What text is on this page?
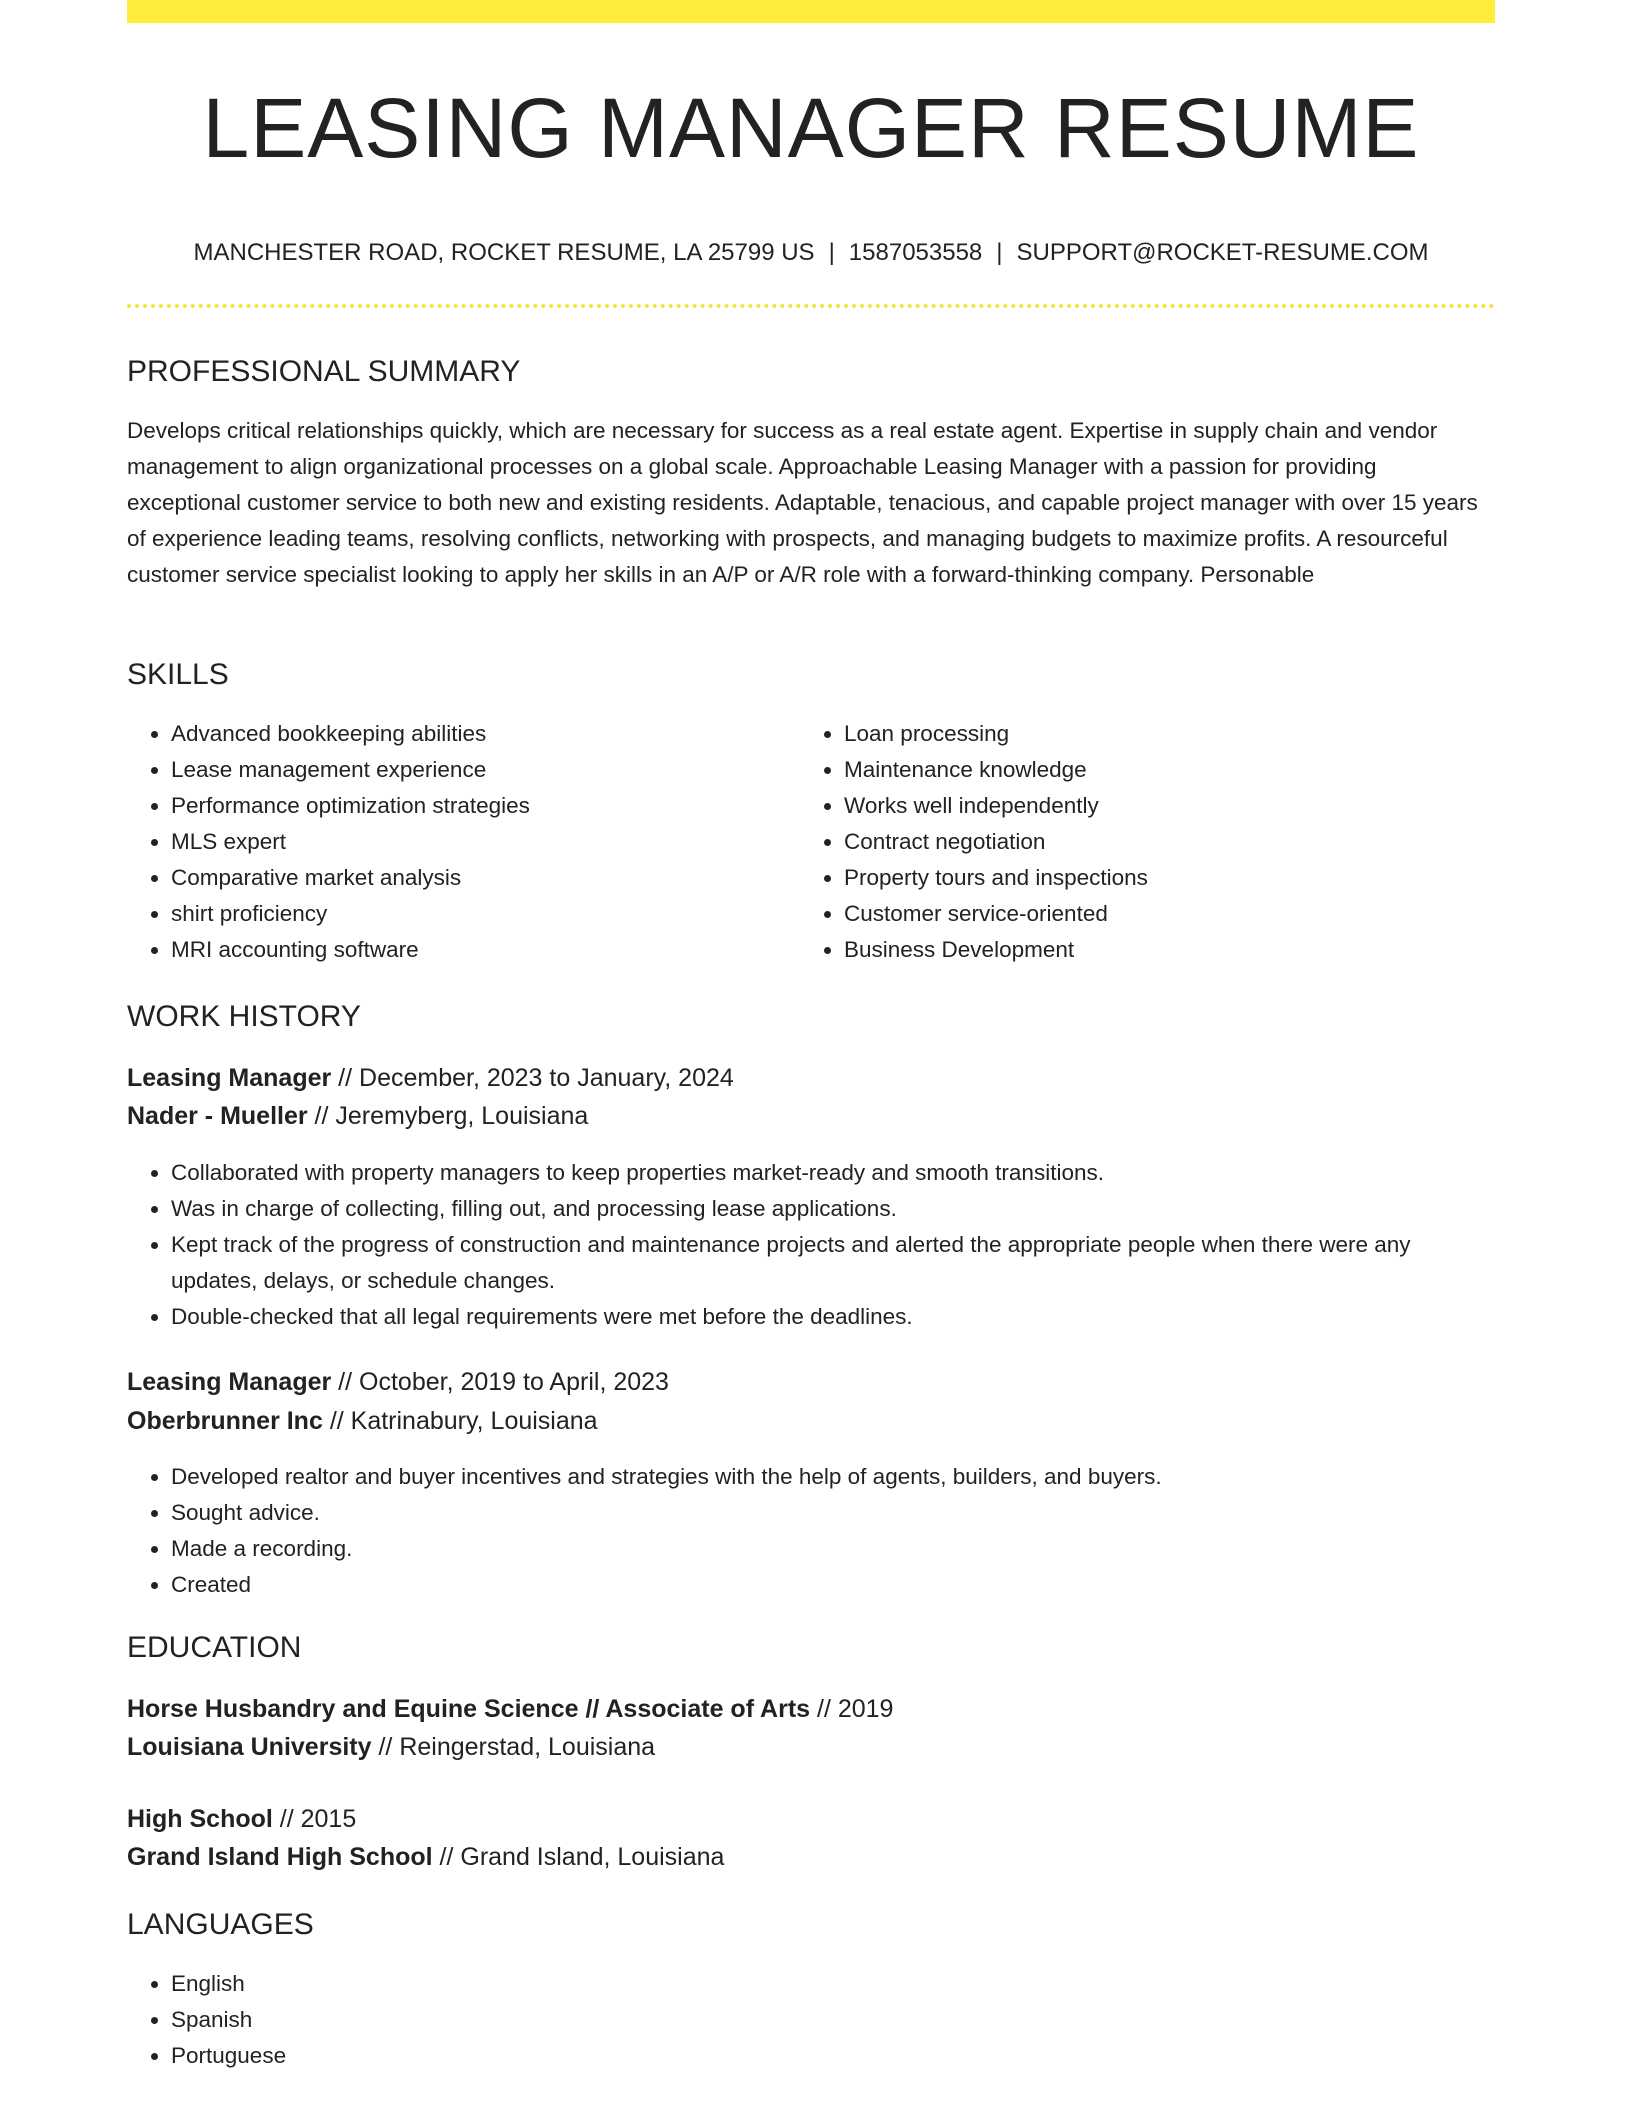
LEASING MANAGER RESUME
MANCHESTER ROAD, ROCKET RESUME, LA 25799 US | 1587053558 | SUPPORT@ROCKET-RESUME.COM
PROFESSIONAL SUMMARY

Develops critical relationships quickly, which are necessary for success as a real estate agent. Expertise in supply chain and vendor management to align organizational processes on a global scale. Approachable Leasing Manager with a passion for providing exceptional customer service to both new and existing residents. Adaptable, tenacious, and capable project manager with over 15 years of experience leading teams, resolving conflicts, networking with prospects, and managing budgets to maximize profits. A resourceful customer service specialist looking to apply her skills in an A/P or A/R role with a forward-thinking company. Personable

SKILLS
• Advanced bookkeeping abilities
• Lease management experience
• Performance optimization strategies
• MLS expert
• Comparative market analysis
• shirt proficiency
• MRI accounting software
• Loan processing
• Maintenance knowledge
• Works well independently
• Contract negotiation
• Property tours and inspections
• Customer service-oriented
• Business Development
WORK HISTORY
Leasing Manager // December, 2023 to January, 2024
Nader - Mueller // Jeremyberg, Louisiana
• Collaborated with property managers to keep properties market-ready and smooth transitions.
• Was in charge of collecting, filling out, and processing lease applications.
• Kept track of the progress of construction and maintenance projects and alerted the appropriate people when there were any updates, delays, or schedule changes.
• Double-checked that all legal requirements were met before the deadlines.
Leasing Manager // October, 2019 to April, 2023
Oberbrunner Inc // Katrinabury, Louisiana
• Developed realtor and buyer incentives and strategies with the help of agents, builders, and buyers.
• Sought advice.
• Made a recording.
• Created
EDUCATION
Horse Husbandry and Equine Science // Associate of Arts // 2019
Louisiana University // Reingerstad, Louisiana
High School // 2015
Grand Island High School // Grand Island, Louisiana
LANGUAGES
• English
• Spanish
• Portuguese
